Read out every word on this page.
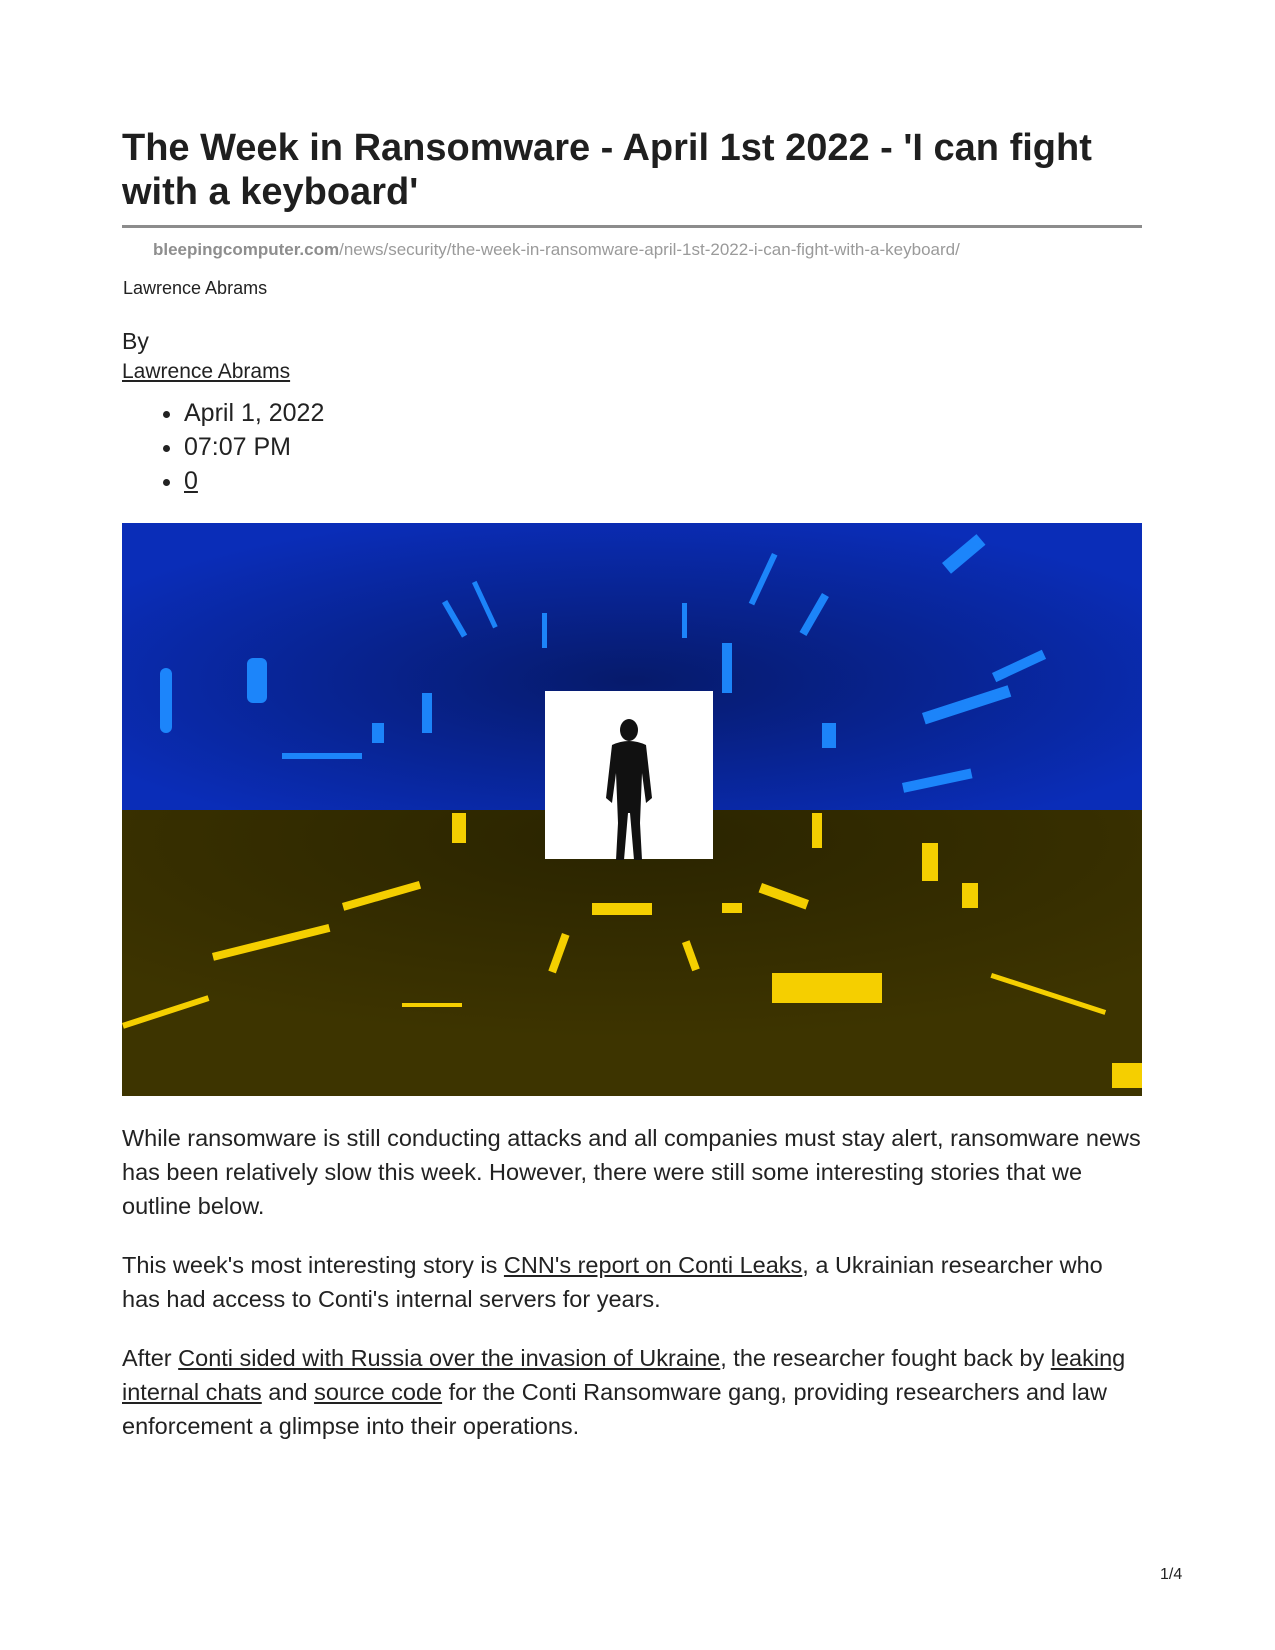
The Week in Ransomware - April 1st 2022 - 'I can fight with a keyboard'
bleepingcomputer.com/news/security/the-week-in-ransomware-april-1st-2022-i-can-fight-with-a-keyboard/
Lawrence Abrams
By
Lawrence Abrams
• April 1, 2022
• 07:07 PM
• 0

While ransomware is still conducting attacks and all companies must stay alert, ransomware news has been relatively slow this week. However, there were still some interesting stories that we outline below.

This week's most interesting story is CNN's report on Conti Leaks, a Ukrainian researcher who has had access to Conti's internal servers for years.

After Conti sided with Russia over the invasion of Ukraine, the researcher fought back by leaking internal chats and source code for the Conti Ransomware gang, providing researchers and law enforcement a glimpse into their operations.

1/4
